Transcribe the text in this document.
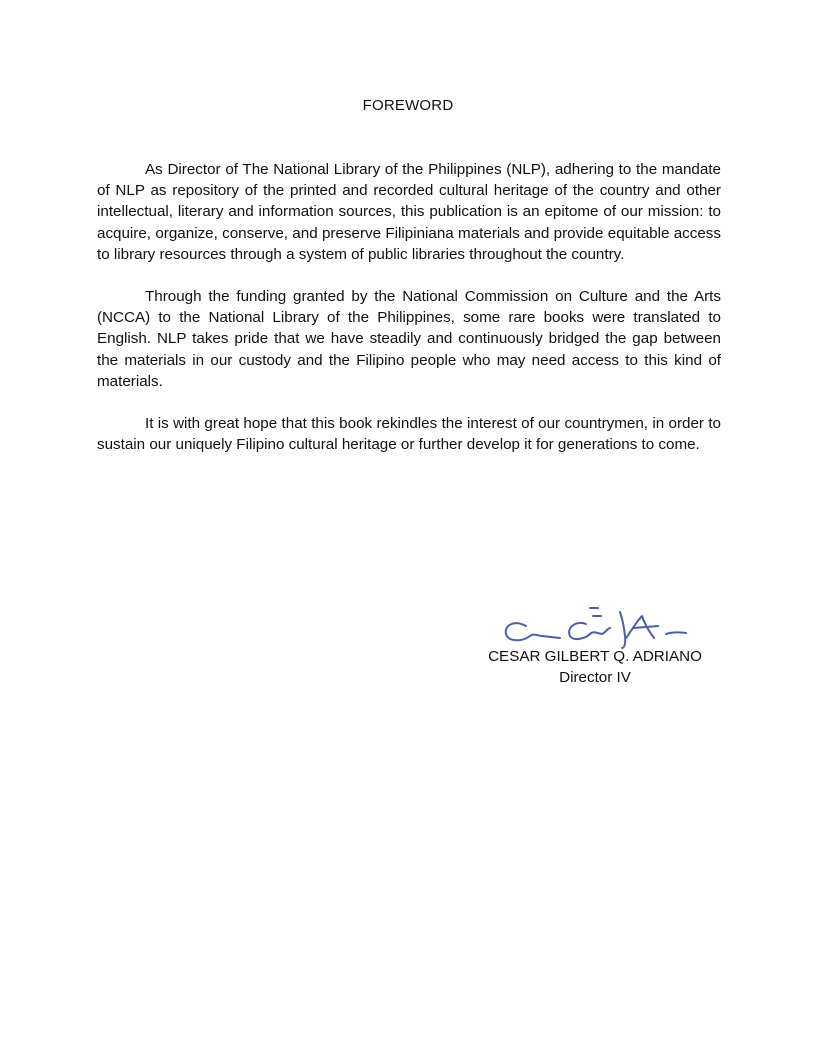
FOREWORD

As Director of The National Library of the Philippines (NLP), adhering to the mandate of NLP as repository of the printed and recorded cultural heritage of the country and other intellectual, literary and information sources, this publication is an epitome of our mission: to acquire, organize, conserve, and preserve Filipiniana materials and provide equitable access to library resources through a system of public libraries throughout the country.

Through the funding granted by the National Commission on Culture and the Arts (NCCA) to the National Library of the Philippines, some rare books were translated to English. NLP takes pride that we have steadily and continuously bridged the gap between the materials in our custody and the Filipino people who may need access to this kind of materials.

It is with great hope that this book rekindles the interest of our countrymen, in order to sustain our uniquely Filipino cultural heritage or further develop it for generations to come.

CESAR GILBERT Q. ADRIANO
Director IV
